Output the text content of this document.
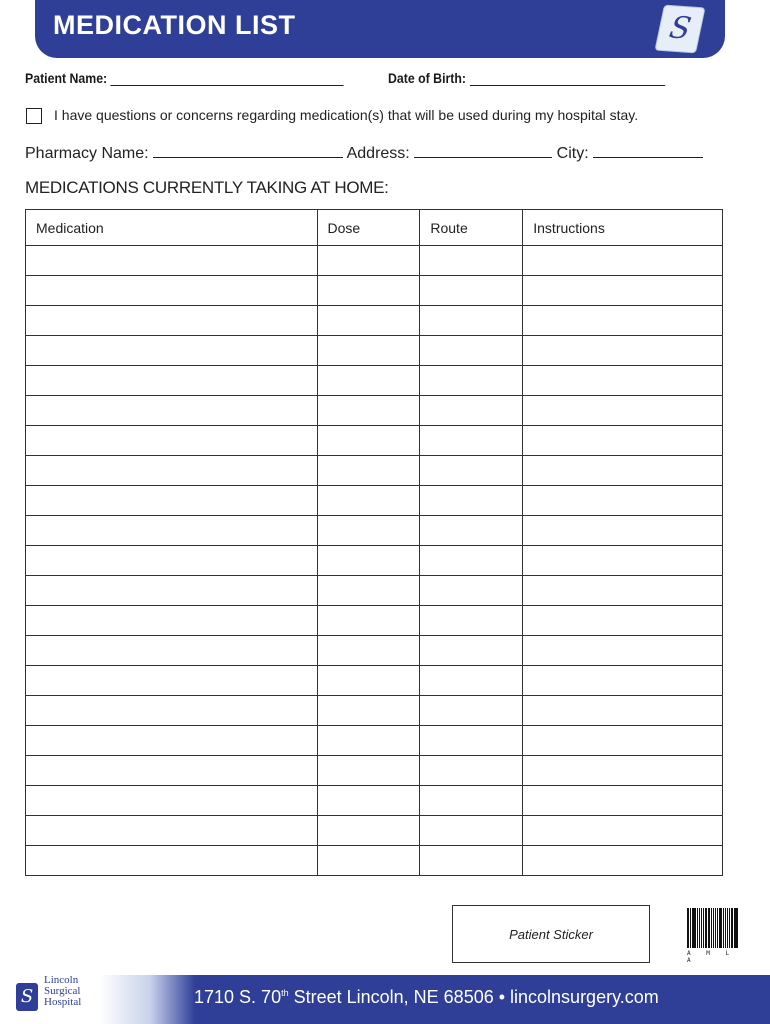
MEDICATION LIST	S
Patient Name:	Date of Birth:
I have questions or concerns regarding medication(s) that will be used during my hospital stay.
Pharmacy Name:	Address:	City:
MEDICATIONS CURRENTLY TAKING AT HOME:
Medication	Dose	Route	Instructions

Patient Sticker
A M L A
S
Lincoln
Surgical
Hospital	1710 S. 70th Street Lincoln, NE 68506 • lincolnsurgery.com
